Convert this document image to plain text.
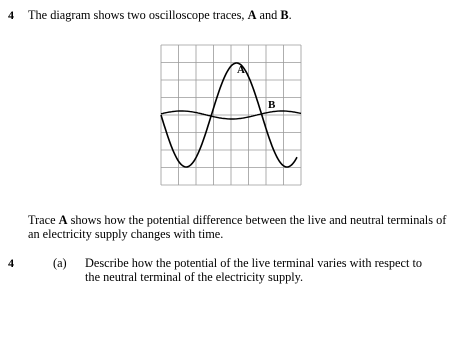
4 The diagram shows two oscilloscope traces, A and B.
A
B
Trace A shows how the potential difference between the live and neutral terminals of an electricity supply changes with time.
4	(a) Describe how the potential of the live terminal varies with respect to the neutral terminal of the electricity supply.
